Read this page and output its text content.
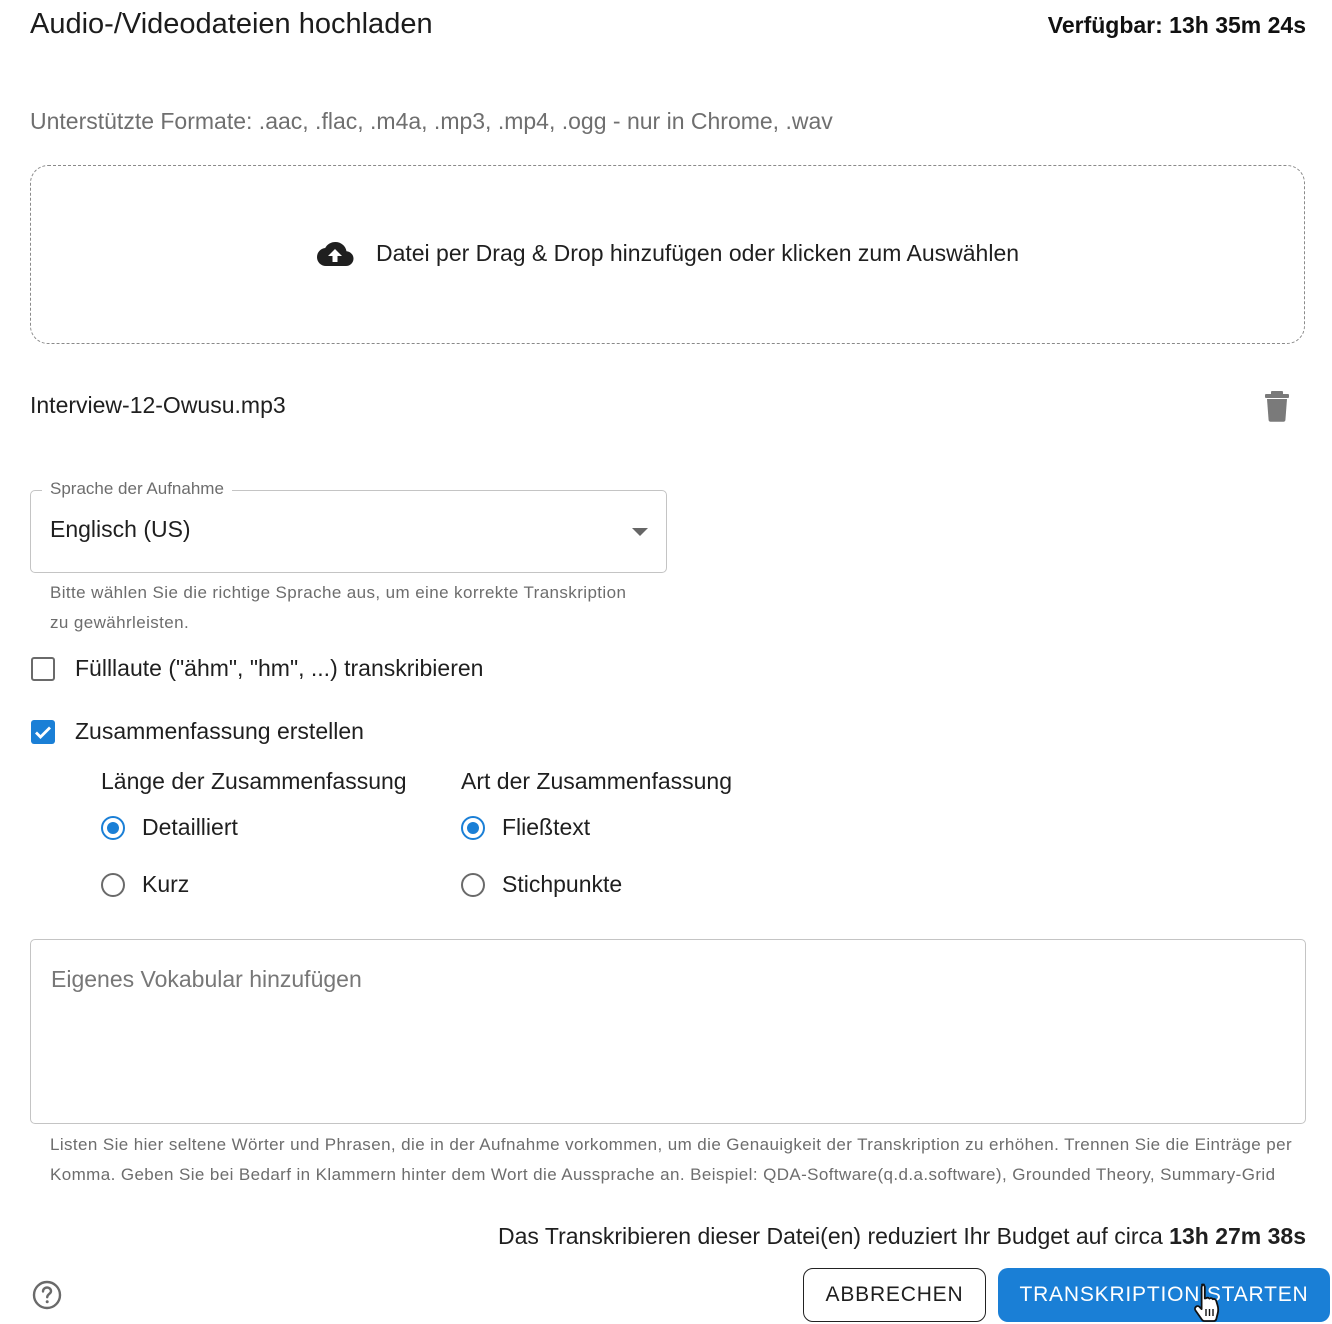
Audio-/Videodateien hochladen	Verfügbar: 13h 35m 24s
Unterstützte Formate: .aac, .flac, .m4a, .mp3, .mp4, .ogg - nur in Chrome, .wav
Datei per Drag & Drop hinzufügen oder klicken zum Auswählen
Interview-12-Owusu.mp3
Sprache der Aufnahme
Englisch (US)
Bitte wählen Sie die richtige Sprache aus, um eine korrekte Transkription zu gewährleisten.
Fülllaute ("ähm", "hm", ...) transkribieren
Zusammenfassung erstellen
Länge der Zusammenfassung
Detailliert
Kurz
Art der Zusammenfassung
Fließtext
Stichpunkte
Eigenes Vokabular hinzufügen
Listen Sie hier seltene Wörter und Phrasen, die in der Aufnahme vorkommen, um die Genauigkeit der Transkription zu erhöhen. Trennen Sie die Einträge per Komma. Geben Sie bei Bedarf in Klammern hinter dem Wort die Aussprache an. Beispiel: QDA-Software(q.d.a.software), Grounded Theory, Summary-Grid
Das Transkribieren dieser Datei(en) reduziert Ihr Budget auf circa 13h 27m 38s
ABBRECHEN	TRANSKRIPTION STARTEN
